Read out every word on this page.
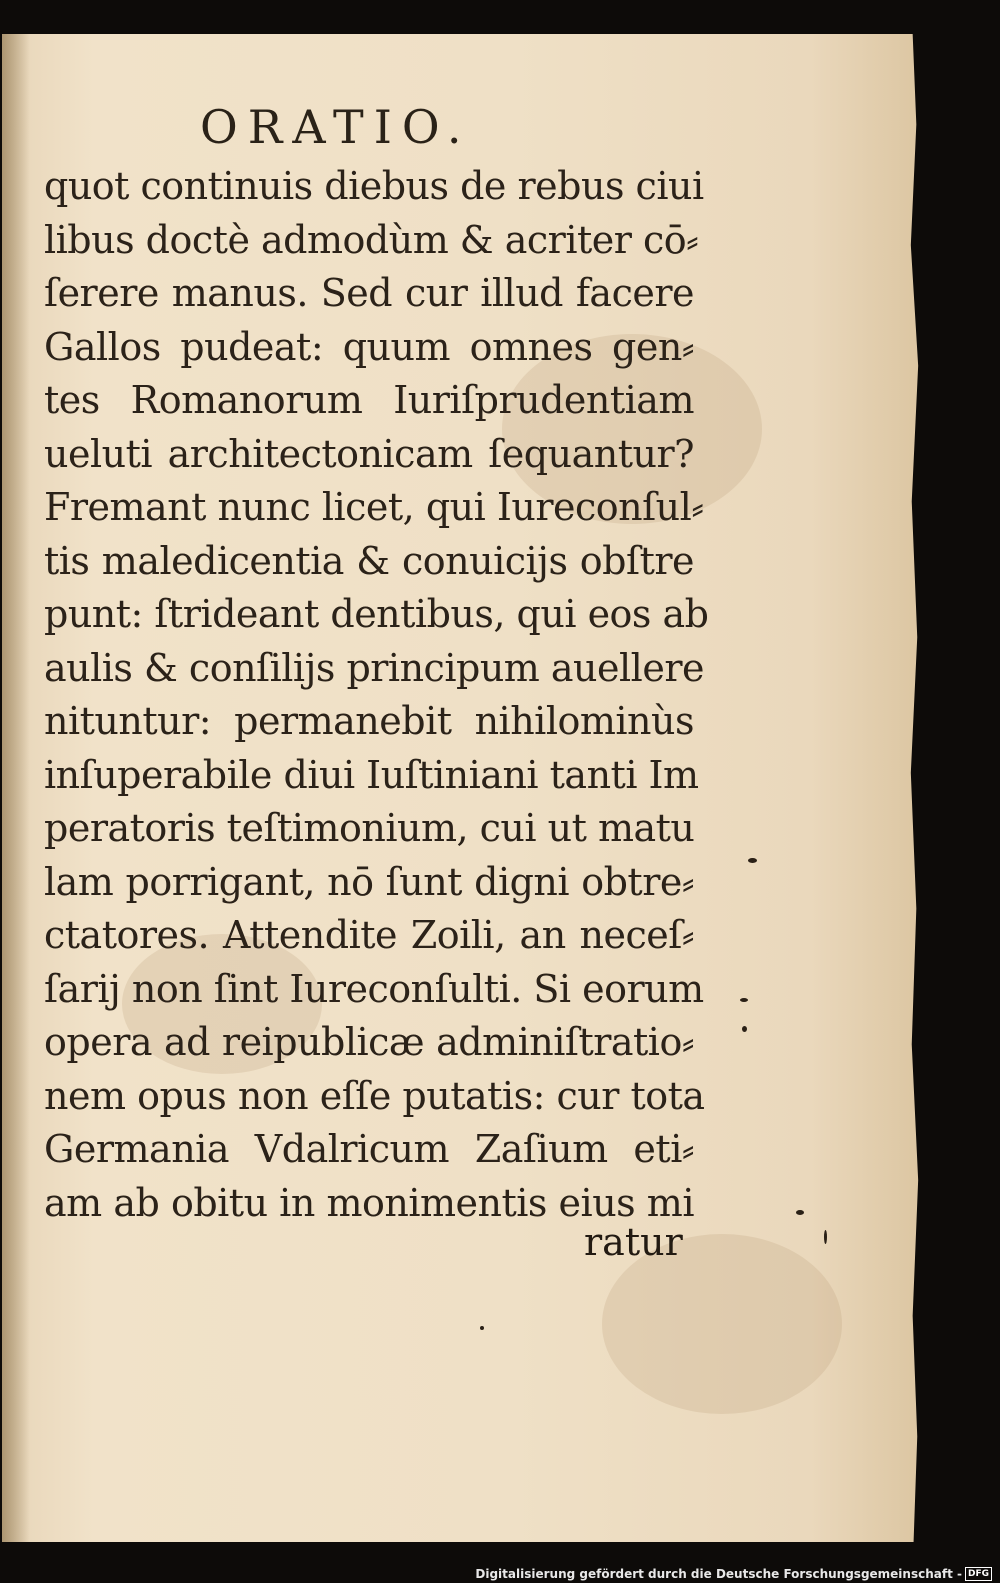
ORATIO.
quot continuis diebus de rebus ciui
libus doctè admodùm & acriter cō⸗
ſerere manus. Sed cur illud facere
Gallos pudeat: quum omnes gen⸗
tes Romanorum Iuriſprudentiam
ueluti architectonicam ſequantur?
Fremant nunc licet, qui Iureconſul⸗
tis maledicentia & conuicijs obſtre
punt: ſtrideant dentibus, qui eos ab
aulis & conſilijs principum auellere
nituntur: permanebit nihilominùs
inſuperabile diui Iuſtiniani tanti Im
peratoris teſtimonium, cui ut matu
lam porrigant, nō ſunt digni obtre⸗
ctatores. Attendite Zoili, an neceſ⸗
ſarij non ſint Iureconſulti. Si eorum
opera ad reipublicæ adminiſtratio⸗
nem opus non eſſe putatis: cur tota
Germania Vdalricum Zaſium eti⸗
am ab obitu in monimentis eius mi
ratur
Digitalisierung gefördert durch die Deutsche Forschungsgemeinschaft - DFG
